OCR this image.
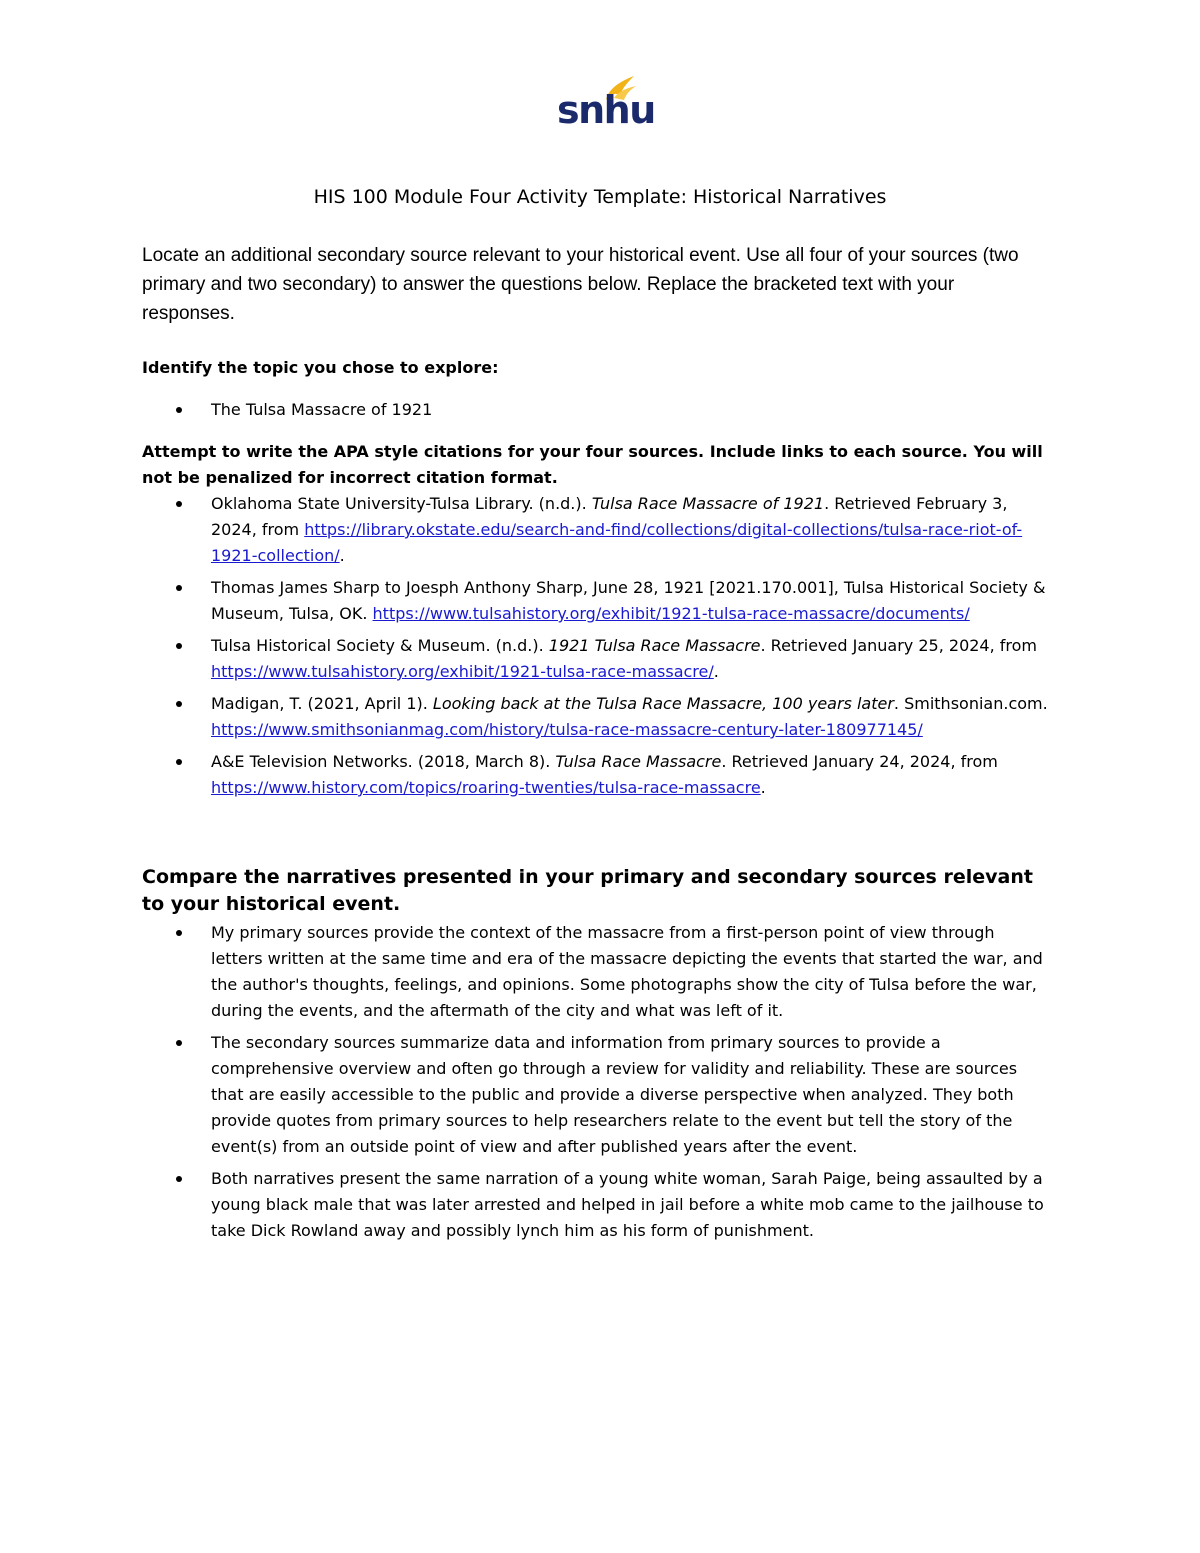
snhu
HIS 100 Module Four Activity Template: Historical Narratives
Locate an additional secondary source relevant to your historical event. Use all four of your sources (two primary and two secondary) to answer the questions below. Replace the bracketed text with your responses.
Identify the topic you chose to explore:
The Tulsa Massacre of 1921
Attempt to write the APA style citations for your four sources. Include links to each source. You will not be penalized for incorrect citation format.
Oklahoma State University-Tulsa Library. (n.d.). Tulsa Race Massacre of 1921. Retrieved February 3, 2024, from https://library.okstate.edu/search-and-find/collections/digital-collections/tulsa-race-riot-of-1921-collection/.
Thomas James Sharp to Joesph Anthony Sharp, June 28, 1921 [2021.170.001], Tulsa Historical Society & Museum, Tulsa, OK. https://www.tulsahistory.org/exhibit/1921-tulsa-race-massacre/documents/
Tulsa Historical Society & Museum. (n.d.). 1921 Tulsa Race Massacre. Retrieved January 25, 2024, from https://www.tulsahistory.org/exhibit/1921-tulsa-race-massacre/.
Madigan, T. (2021, April 1). Looking back at the Tulsa Race Massacre, 100 years later. Smithsonian.com. https://www.smithsonianmag.com/history/tulsa-race-massacre-century-later-180977145/
A&E Television Networks. (2018, March 8). Tulsa Race Massacre. Retrieved January 24, 2024, from https://www.history.com/topics/roaring-twenties/tulsa-race-massacre.
Compare the narratives presented in your primary and secondary sources relevant to your historical event.
My primary sources provide the context of the massacre from a first-person point of view through letters written at the same time and era of the massacre depicting the events that started the war, and the author's thoughts, feelings, and opinions. Some photographs show the city of Tulsa before the war, during the events, and the aftermath of the city and what was left of it.
The secondary sources summarize data and information from primary sources to provide a comprehensive overview and often go through a review for validity and reliability. These are sources that are easily accessible to the public and provide a diverse perspective when analyzed. They both provide quotes from primary sources to help researchers relate to the event but tell the story of the event(s) from an outside point of view and after published years after the event.
Both narratives present the same narration of a young white woman, Sarah Paige, being assaulted by a young black male that was later arrested and helped in jail before a white mob came to the jailhouse to take Dick Rowland away and possibly lynch him as his form of punishment.
